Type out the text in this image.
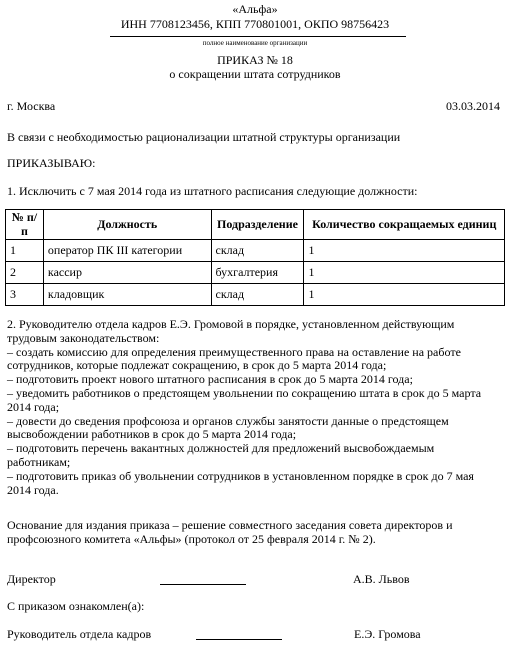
«Альфа»
ИНН 7708123456, КПП 770801001, ОКПО 98756423
полное наименование организации
ПРИКАЗ № 18
о сокращении штата сотрудников
г. Москва	03.03.2014
В связи с необходимостью рационализации штатной структуры организации
ПРИКАЗЫВАЮ:
1. Исключить с 7 мая 2014 года из штатного расписания следующие должности:
№ п/п	Должность	Подразделение	Количество сокращаемых единиц
1	оператор ПК III категории	склад	1
2	кассир	бухгалтерия	1
3	кладовщик	склад	1
2. Руководителю отдела кадров Е.Э. Громовой в порядке, установленном действующим
трудовым законодательством:
– создать комиссию для определения преимущественного права на оставление на работе
сотрудников, которые подлежат сокращению, в срок до 5 марта 2014 года;
– подготовить проект нового штатного расписания в срок до 5 марта 2014 года;
– уведомить работников о предстоящем увольнении по сокращению штата в срок до 5 марта
2014 года;
– довести до сведения профсоюза и органов службы занятости данные о предстоящем
высвобождении работников в срок до 5 марта 2014 года;
– подготовить перечень вакантных должностей для предложений высвобождаемым
работникам;
– подготовить приказ об увольнении сотрудников в установленном порядке в срок до 7 мая
2014 года.
Основание для издания приказа – решение совместного заседания совета директоров и
профсоюзного комитета «Альфы» (протокол от 25 февраля 2014 г. № 2).
Директор	А.В. Львов
С приказом ознакомлен(а):
Руководитель отдела кадров	Е.Э. Громова
